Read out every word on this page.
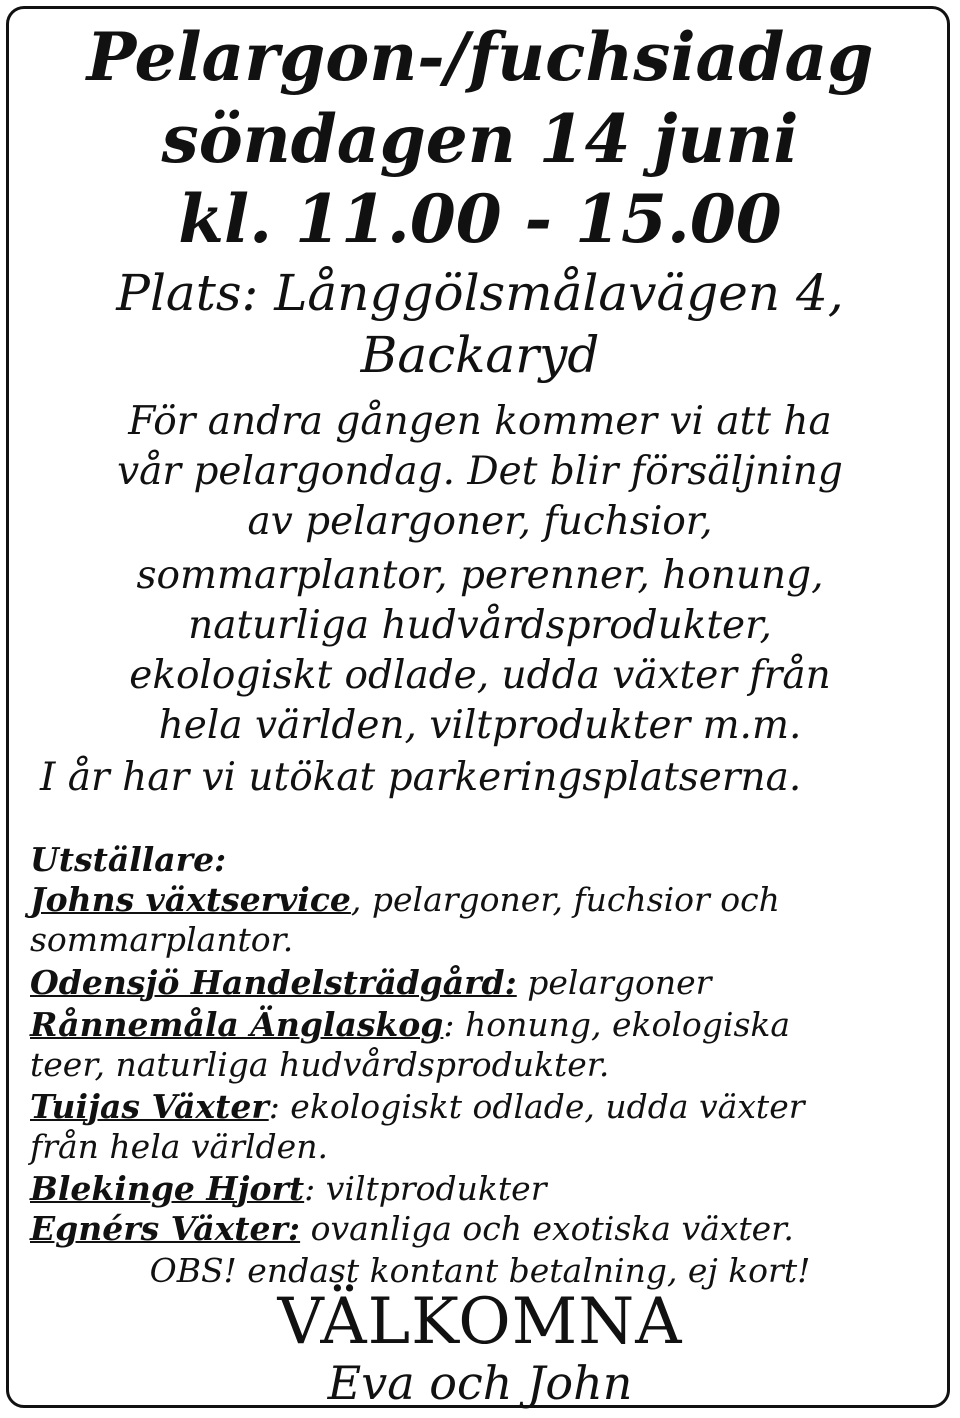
Pelargon-/fuchsiadag
söndagen 14 juni
kl. 11.00 - 15.00
Plats: Långgölsmålavägen 4,
Backaryd
För andra gången kommer vi att ha
vår pelargondag. Det blir försäljning
av pelargoner, fuchsior,
sommarplantor, perenner, honung,
naturliga hudvårdsprodukter,
ekologiskt odlade, udda växter från
hela världen, viltprodukter m.m.
I år har vi utökat parkeringsplatserna.
Utställare:
Johns växtservice, pelargoner, fuchsior och
sommarplantor.
Odensjö Handelsträdgård: pelargoner
Rånnemåla Änglaskog: honung, ekologiska
teer, naturliga hudvårdsprodukter.
Tuijas Växter: ekologiskt odlade, udda växter
från hela världen.
Blekinge Hjort: viltprodukter
Egnérs Växter: ovanliga och exotiska växter.
OBS! endast kontant betalning, ej kort!
VÄLKOMNA
Eva och John
